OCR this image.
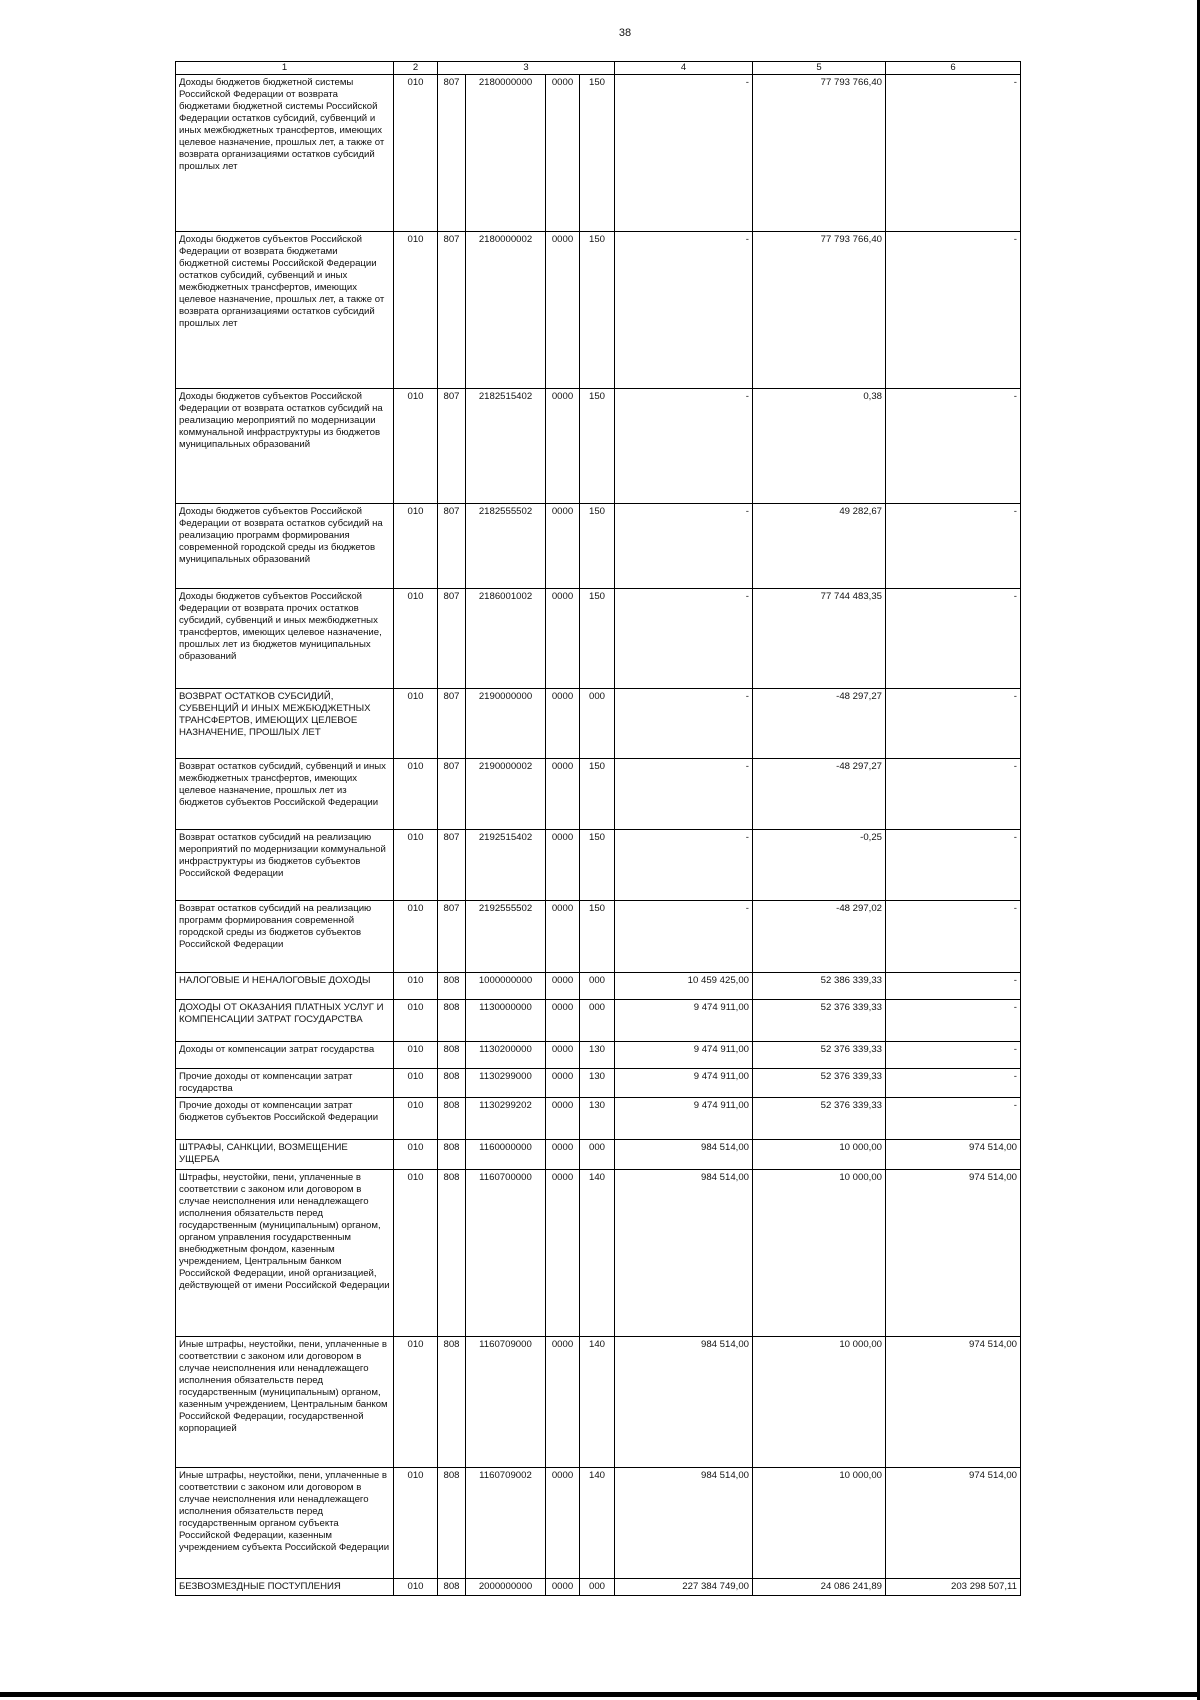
38
1	2	3				4	5	6
Доходы бюджетов бюджетной системы Российской Федерации от возврата бюджетами бюджетной системы Российской Федерации остатков субсидий, субвенций и иных межбюджетных трансфертов, имеющих целевое назначение, прошлых лет, а также от возврата организациями остатков субсидий прошлых лет	010	807	2180000000	0000	150	-	77 793 766,40	-
Доходы бюджетов субъектов Российской Федерации от возврата бюджетами бюджетной системы Российской Федерации остатков субсидий, субвенций и иных межбюджетных трансфертов, имеющих целевое назначение, прошлых лет, а также от возврата организациями остатков субсидий прошлых лет	010	807	2180000002	0000	150	-	77 793 766,40	-
Доходы бюджетов субъектов Российской Федерации от возврата остатков субсидий на реализацию мероприятий по модернизации коммунальной инфраструктуры из бюджетов муниципальных образований	010	807	2182515402	0000	150	-	0,38	-
Доходы бюджетов субъектов Российской Федерации от возврата остатков субсидий на реализацию программ формирования современной городской среды из бюджетов муниципальных образований	010	807	2182555502	0000	150	-	49 282,67	-
Доходы бюджетов субъектов Российской Федерации от возврата прочих остатков субсидий, субвенций и иных межбюджетных трансфертов, имеющих целевое назначение, прошлых лет из бюджетов муниципальных образований	010	807	2186001002	0000	150	-	77 744 483,35	-
ВОЗВРАТ ОСТАТКОВ СУБСИДИЙ, СУБВЕНЦИЙ И ИНЫХ МЕЖБЮДЖЕТНЫХ ТРАНСФЕРТОВ, ИМЕЮЩИХ ЦЕЛЕВОЕ НАЗНАЧЕНИЕ, ПРОШЛЫХ ЛЕТ	010	807	2190000000	0000	000	-	-48 297,27	-
Возврат остатков субсидий, субвенций и иных межбюджетных трансфертов, имеющих целевое назначение, прошлых лет из бюджетов субъектов Российской Федерации	010	807	2190000002	0000	150	-	-48 297,27	-
Возврат остатков субсидий на реализацию мероприятий по модернизации коммунальной инфраструктуры из бюджетов субъектов Российской Федерации	010	807	2192515402	0000	150	-	-0,25	-
Возврат остатков субсидий на реализацию программ формирования современной городской среды из бюджетов субъектов Российской Федерации	010	807	2192555502	0000	150	-	-48 297,02	-
НАЛОГОВЫЕ И НЕНАЛОГОВЫЕ ДОХОДЫ	010	808	1000000000	0000	000	10 459 425,00	52 386 339,33	-
ДОХОДЫ ОТ ОКАЗАНИЯ ПЛАТНЫХ УСЛУГ И КОМПЕНСАЦИИ ЗАТРАТ ГОСУДАРСТВА	010	808	1130000000	0000	000	9 474 911,00	52 376 339,33	-
Доходы от компенсации затрат государства	010	808	1130200000	0000	130	9 474 911,00	52 376 339,33	-
Прочие доходы от компенсации затрат государства	010	808	1130299000	0000	130	9 474 911,00	52 376 339,33	-
Прочие доходы от компенсации затрат бюджетов субъектов Российской Федерации	010	808	1130299202	0000	130	9 474 911,00	52 376 339,33	-
ШТРАФЫ, САНКЦИИ, ВОЗМЕЩЕНИЕ УЩЕРБА	010	808	1160000000	0000	000	984 514,00	10 000,00	974 514,00
Штрафы, неустойки, пени, уплаченные в соответствии с законом или договором в случае неисполнения или ненадлежащего исполнения обязательств перед государственным (муниципальным) органом, органом управления государственным внебюджетным фондом, казенным учреждением, Центральным банком Российской Федерации, иной организацией, действующей от имени Российской Федерации	010	808	1160700000	0000	140	984 514,00	10 000,00	974 514,00
Иные штрафы, неустойки, пени, уплаченные в соответствии с законом или договором в случае неисполнения или ненадлежащего исполнения обязательств перед государственным (муниципальным) органом, казенным учреждением, Центральным банком Российской Федерации, государственной корпорацией	010	808	1160709000	0000	140	984 514,00	10 000,00	974 514,00
Иные штрафы, неустойки, пени, уплаченные в соответствии с законом или договором в случае неисполнения или ненадлежащего исполнения обязательств перед государственным органом субъекта Российской Федерации, казенным учреждением субъекта Российской Федерации	010	808	1160709002	0000	140	984 514,00	10 000,00	974 514,00
БЕЗВОЗМЕЗДНЫЕ ПОСТУПЛЕНИЯ	010	808	2000000000	0000	000	227 384 749,00	24 086 241,89	203 298 507,11
